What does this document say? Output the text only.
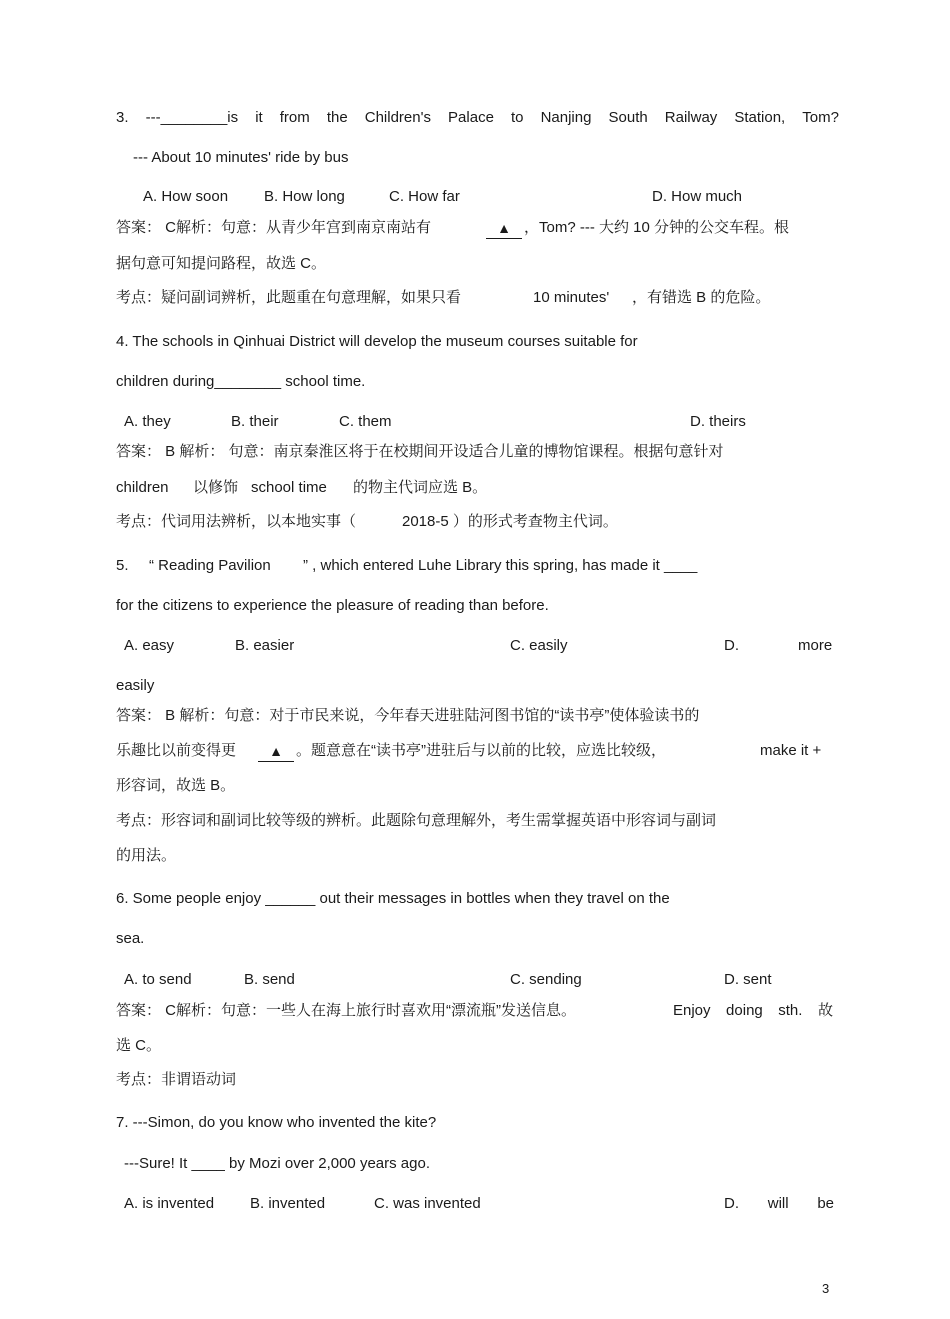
3. ---________is it from the Children's Palace to Nanjing South Railway Station, Tom?
--- About 10 minutes' ride by bus
A. How soon B. How long	C. How far	D. How much
答案： C解析：句意：从青少年宫到南京南站有	▲ ，Tom? --- 大约 10 分钟的公交车程。根
据句意可知提问路程，故选 C。
考点：疑问副词辨析，此题重在句意理解，如果只看	10 minutes' ，有错选 B 的危险。
4. The schools in Qinhuai District will develop the museum courses suitable for
children during________ school time.
A. they	B. their	C. them	D. theirs
答案： B 解析： 句意：南京秦淮区将于在校期间开设适合儿童的博物馆课程。根据句意针对
children 以修饰 school time 的物主代词应选 B。
考点：代词用法辨析，以本地实事（	2018-5 ）的形式考查物主代词。
5. “ Reading Pavilion ” , which entered Luhe Library this spring, has made it ____
for the citizens to experience the pleasure of reading than before.
A. easy	B. easier	C. easily	D.	more
easily
答案： B 解析：句意：对于市民来说，今年春天进驻陆河图书馆的“读书亭”使体验读书的
乐趣比以前变得更	▲ 。题意意在“读书亭”进驻后与以前的比较，应选比较级，	make it +
形容词，故选 B。
考点：形容词和副词比较等级的辨析。此题除句意理解外，考生需掌握英语中形容词与副词
的用法。
6. Some people enjoy ______ out their messages in bottles when they travel on the
sea.
A. to send	B. send	C. sending	D. sent
答案： C解析：句意：一些人在海上旅行时喜欢用“漂流瓶”发送信息。	Enjoy doing sth. 故
选 C。
考点：非谓语动词
7. ---Simon, do you know who invented the kite?
---Sure! It ____ by Mozi over 2,000 years ago.
A. is invented B. invented	C. was invented	D. will be
3
